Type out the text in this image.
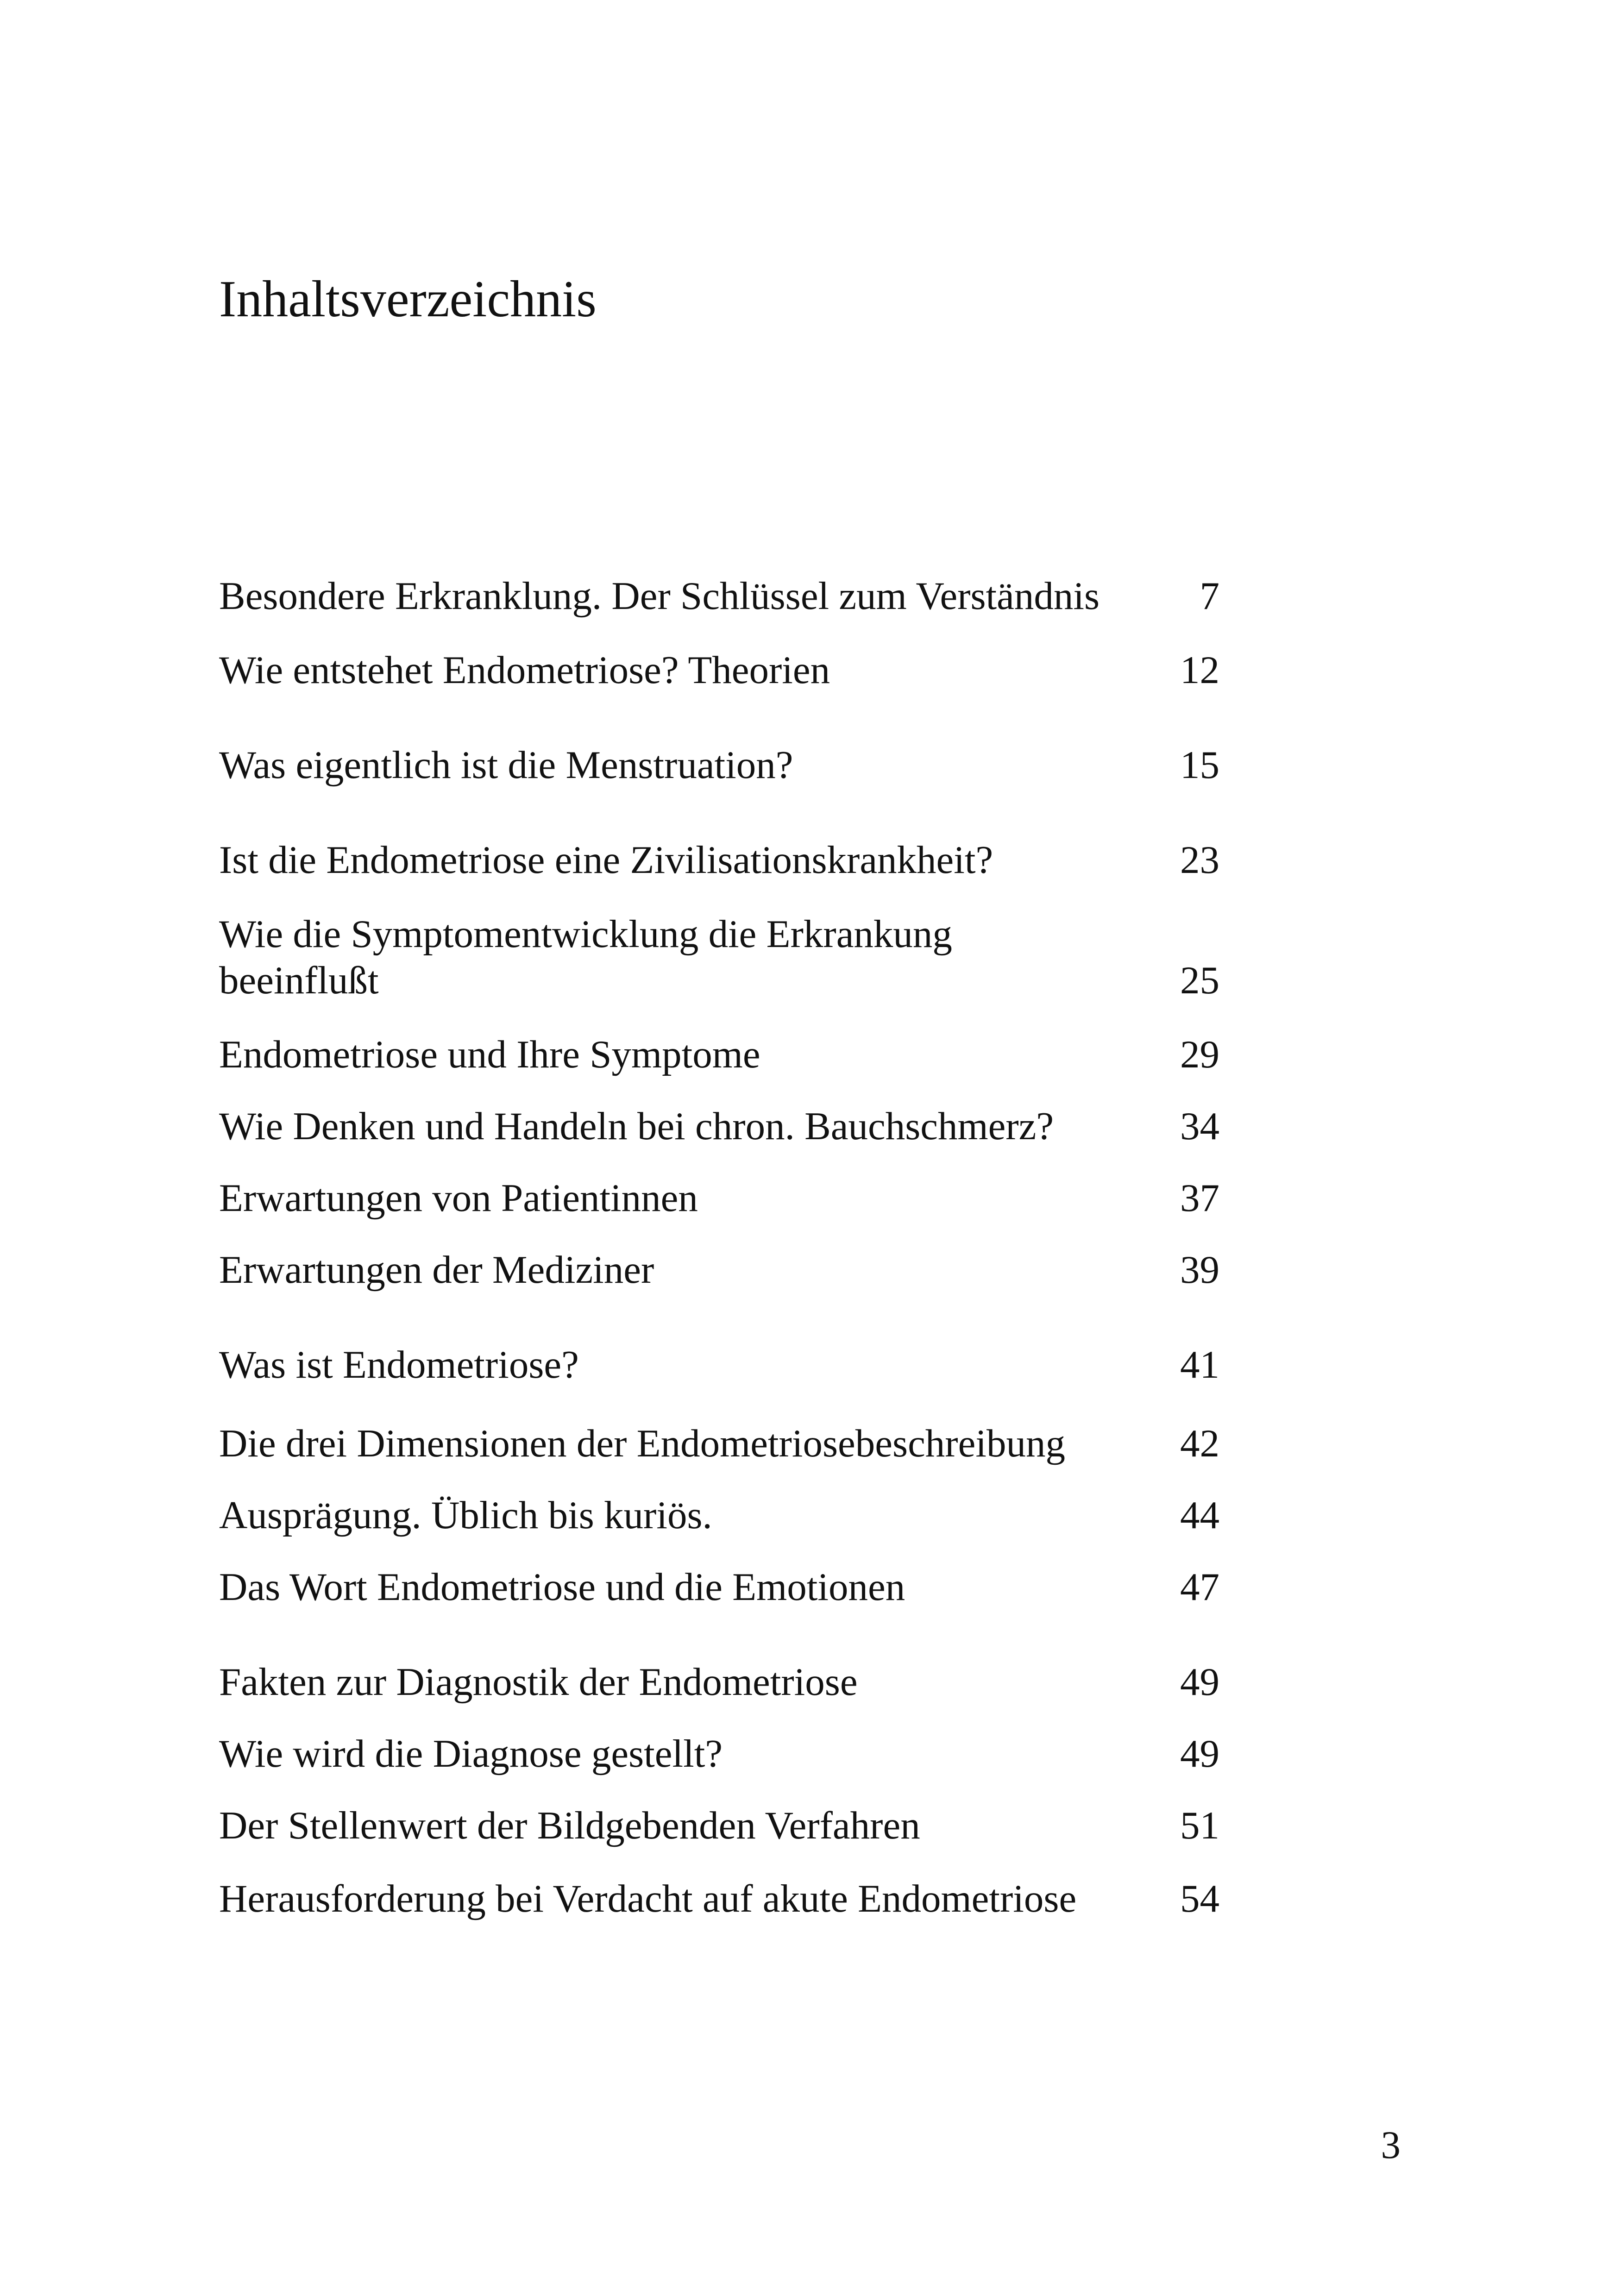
Inhaltsverzeichnis
Besondere Erkranklung. Der Schlüssel zum Verständnis	7
Wie entstehet Endometriose? Theorien	12
Was eigentlich ist die Menstruation?	15
Ist die Endometriose eine Zivilisationskrankheit?	23
Wie die Symptomentwicklung die Erkrankung
beeinflußt	25
Endometriose und Ihre Symptome	29
Wie Denken und Handeln bei chron. Bauchschmerz?	34
Erwartungen von Patientinnen	37
Erwartungen der Mediziner	39
Was ist Endometriose?	41
Die drei Dimensionen der Endometriosebeschreibung	42
Ausprägung. Üblich bis kuriös.	44
Das Wort Endometriose und die Emotionen	47
Fakten zur Diagnostik der Endometriose	49
Wie wird die Diagnose gestellt?	49
Der Stellenwert der Bildgebenden Verfahren	51
Herausforderung bei Verdacht auf akute Endometriose	54
3
